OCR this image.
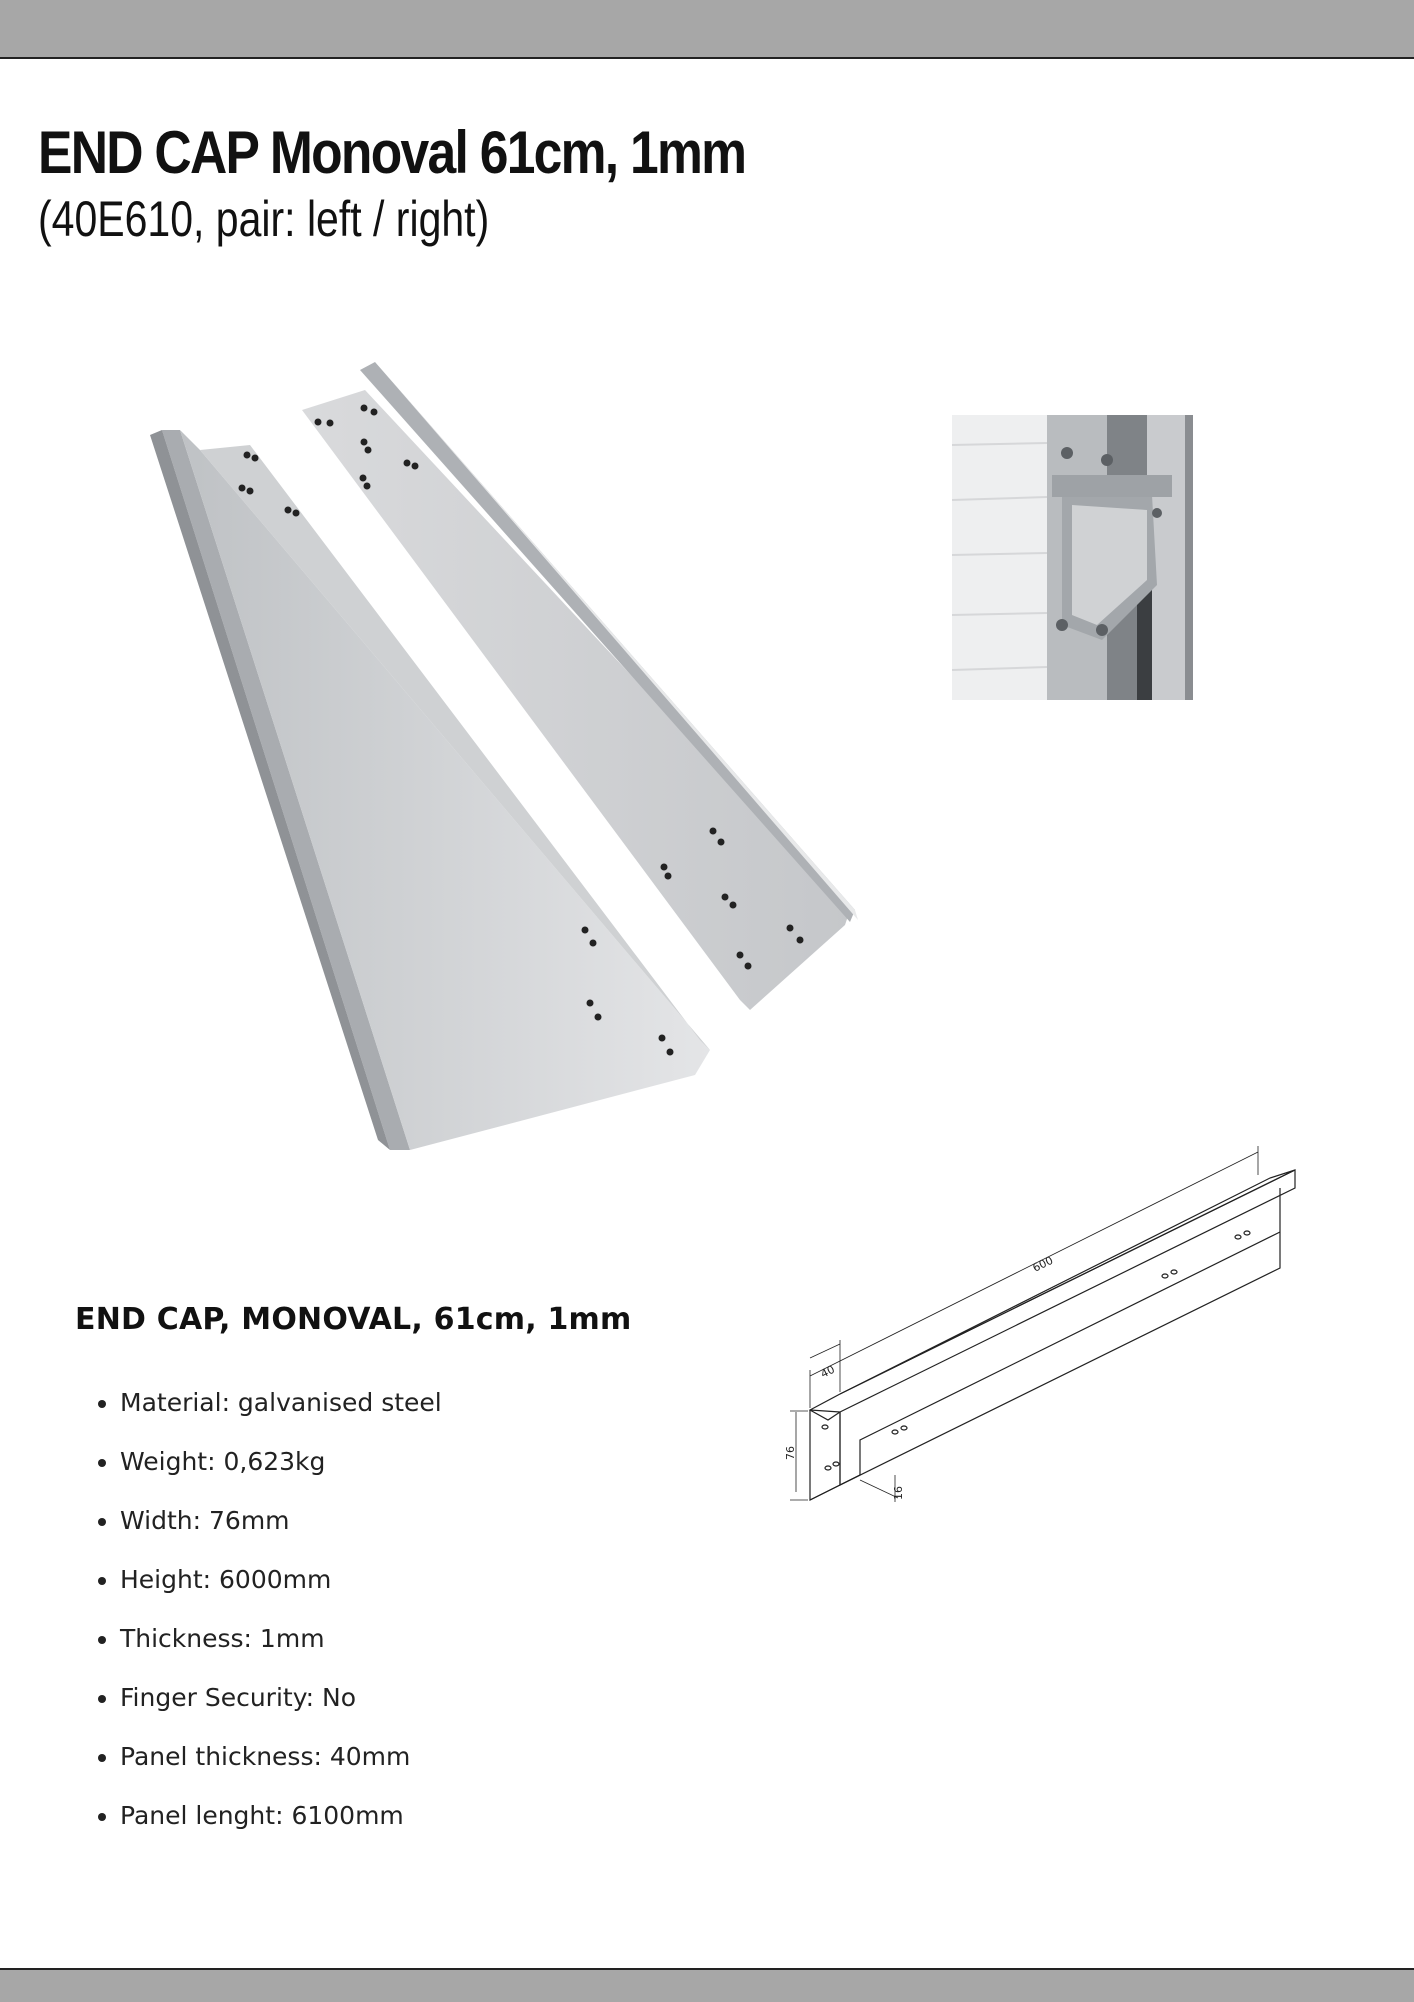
END CAP Monoval 61cm, 1mm
(40E610, pair: left / right)
END CAP, MONOVAL, 61cm, 1mm
• Material: galvanised steel
• Weight: 0,623kg
• Width: 76mm
• Height: 6000mm
• Thickness: 1mm
• Finger Security: No
• Panel thickness: 40mm
• Panel lenght: 6100mm
600
40
76
16
